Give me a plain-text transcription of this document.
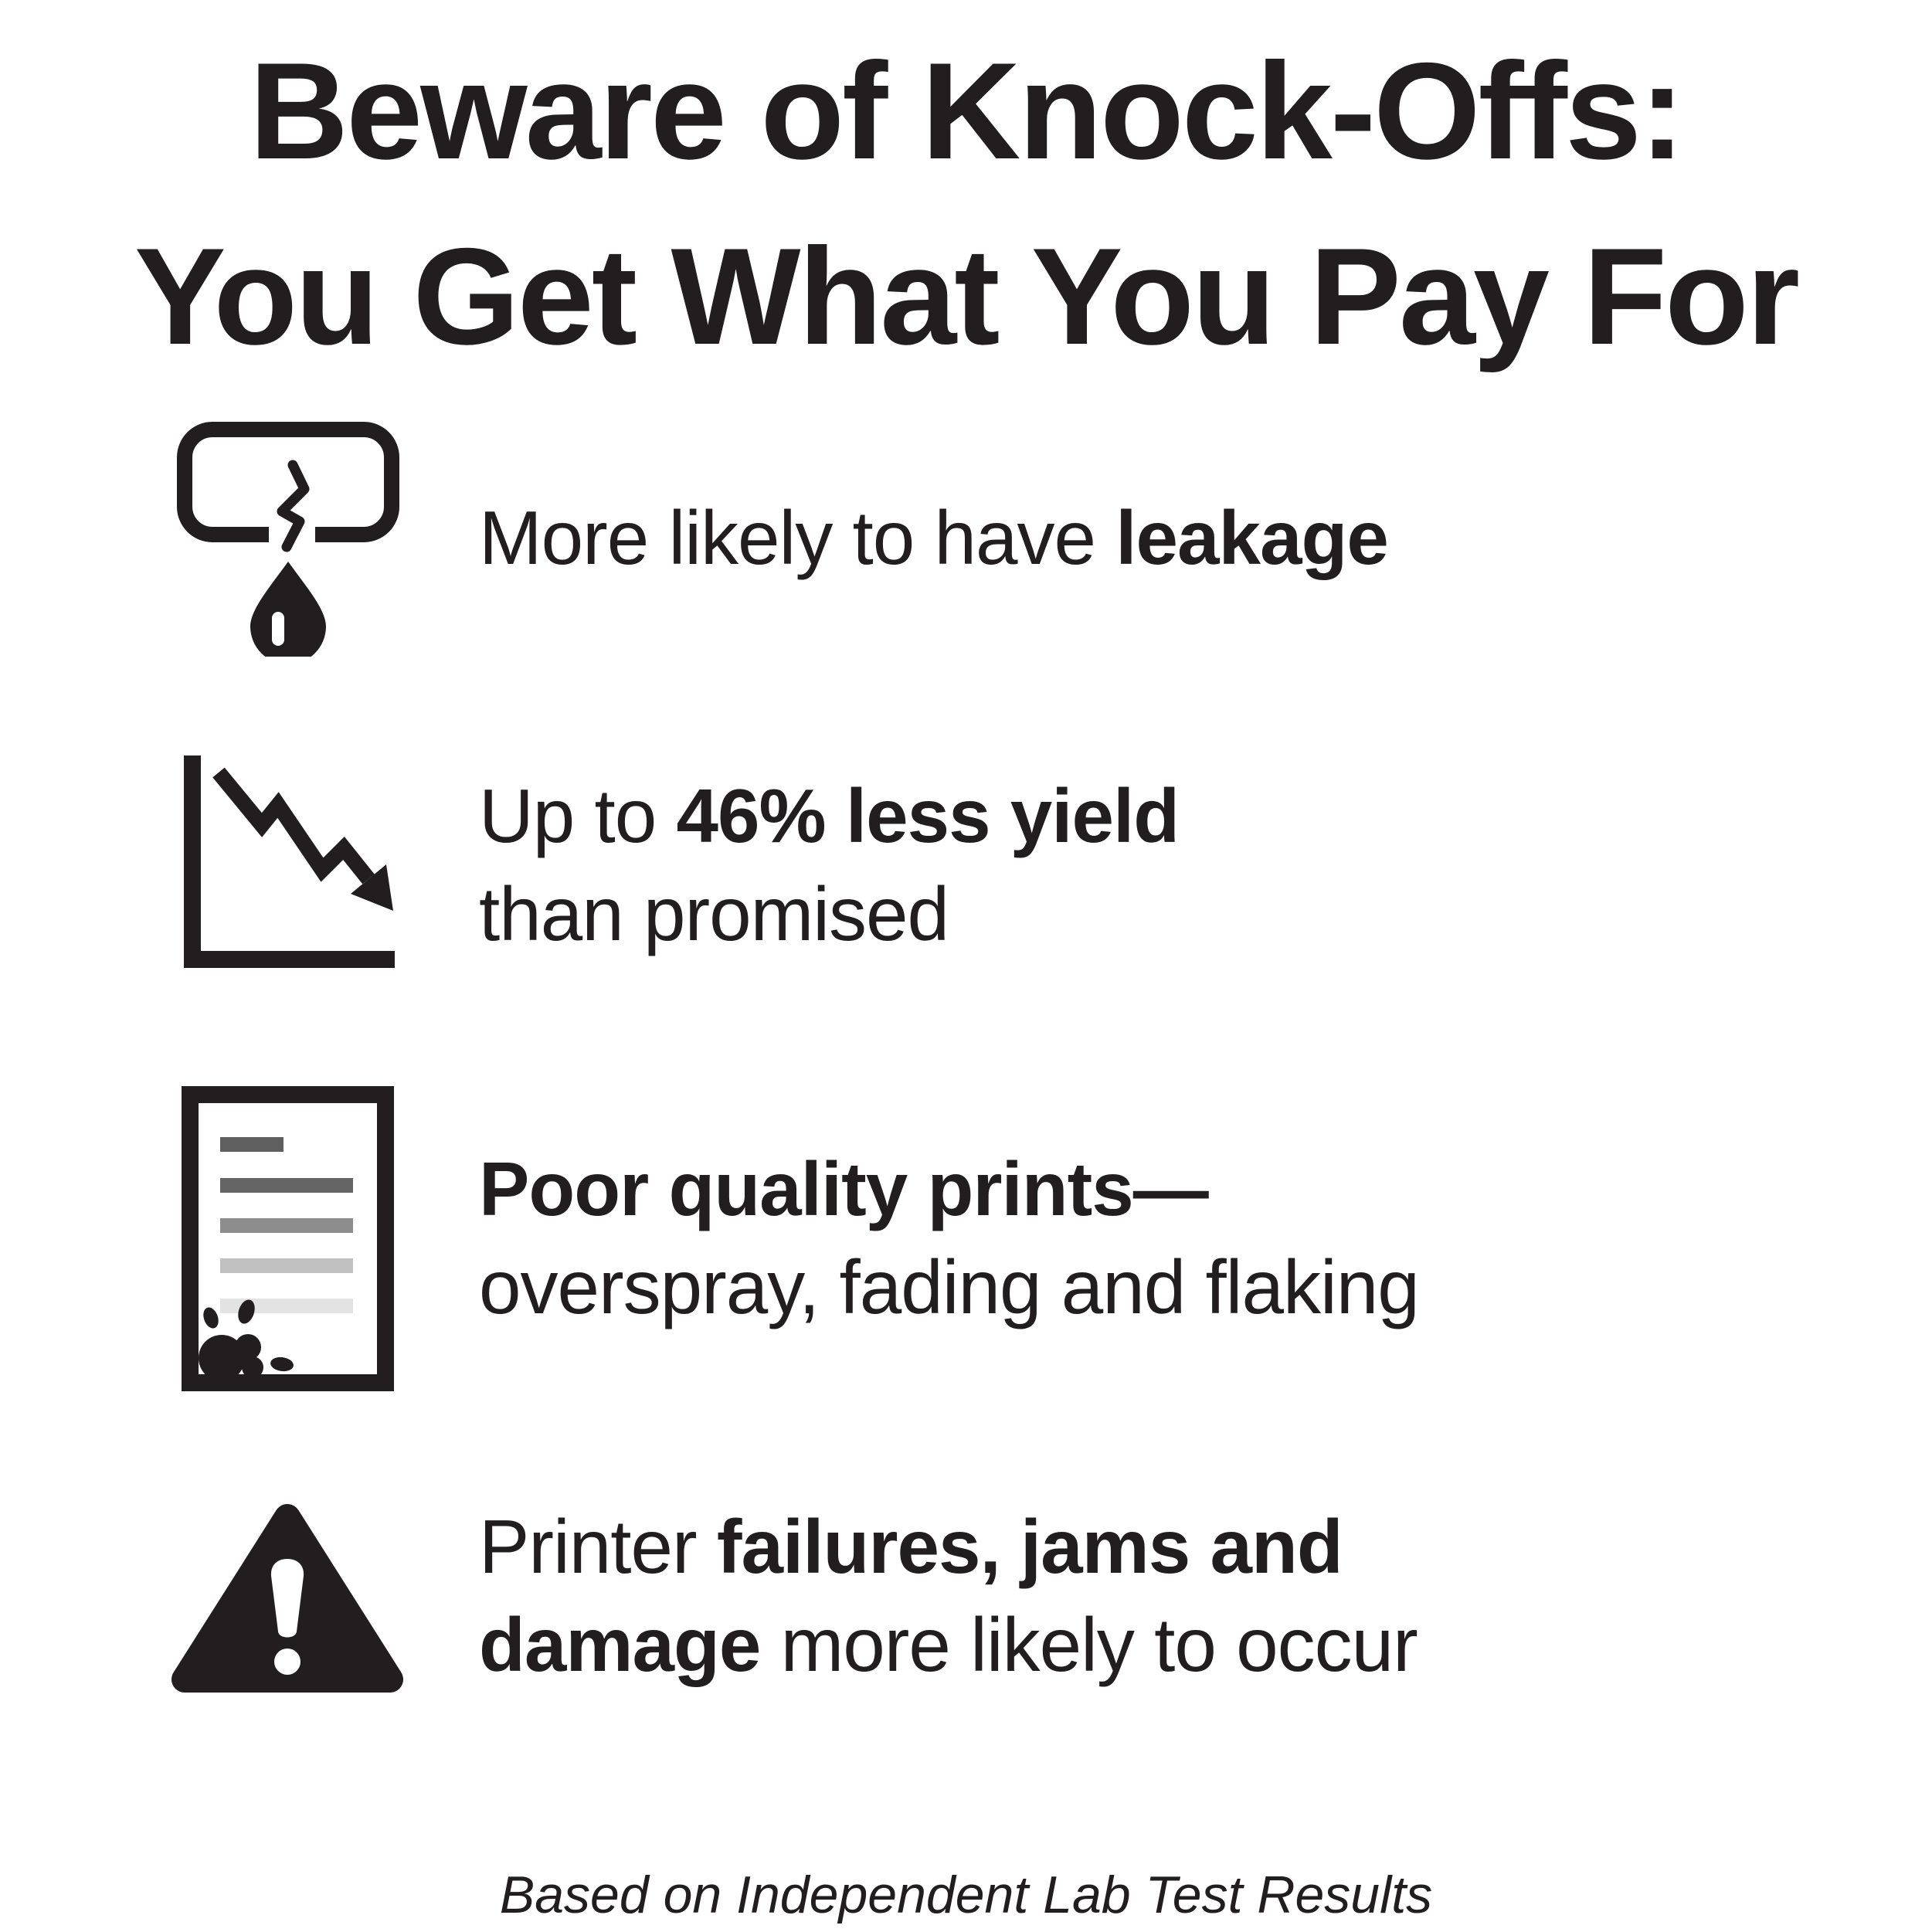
Beware of Knock-Offs:
You Get What You Pay For
More likely to have leakage
Up to 46% less yield
than promised
Poor quality prints—
overspray, fading and flaking
Printer failures, jams and
damage more likely to occur
Based on Independent Lab Test Results
